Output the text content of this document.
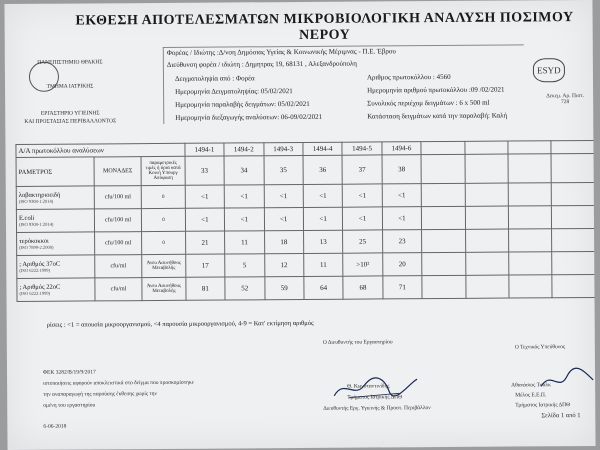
ΕΚΘΕΣΗ ΑΠΟΤΕΛΕΣΜΑΤΩΝ ΜΙΚΡΟΒΙΟΛΟΓΙΚΗ ΑΝΑΛΥΣΗ ΠΟΣΙΜΟΥ ΝΕΡΟΥ
ΠΑΝΕΠΙΣΤΗΜΙΟ ΘΡΑΚΗΣ
ΤΜΗΜΑ ΙΑΤΡΙΚΗΣ
ΕΡΓΑΣΤΗΡΙΟ ΥΓΙΕΙΝΗΣ
ΚΑΙ ΠΡΟΣΤΑΣΙΑΣ ΠΕΡΙΒΑΛΛΟΝΤΟΣ
ESYD
Δεκεμ. Αρ. Πιστ. 728
Φορέας / Ιδιώτης :Δ/νση Δημόσιας Υγείας & Κοινωνικής Μέριμνας - Π.Ε. Έβρου
Διεύθυνση φορέα / ιδιώτη : Δημητρας 19, 68131 , Αλεξανδρούπολη
Δειγματοληψία από : Φορέα	Αριθμος πρωτοκόλλου : 4560
Ημερομηνία Δειγματοληψίας: 05/02/2021	Ημερομηνία αριθμού πρωτοκόλλου :09 /02/2021
Ημερομηνία παραλαβής δειγμάτων: 05/02/2021	Συνολικός περιέχομ δειγμάτων : 6 x 500 ml
Ημερομηνία διεξαγωγής αναλύσεων: 06-09/02/2021	Κατάσταση δειγμάτων κατά την παραλαβή: Καλή
Α/Α πρωτοκόλλου αναλύσεων			1494-1	1494-2	1494-3	1494-4	1494-5	1494-6				
ΡΑΜΕΤΡΟΣ	ΜΟΝΑΔΕΣ	παραμετρικές τιμές ή όρια κατά Κοινή Υπουργ Απόφαση	33	34	35	36	37	38				
λοβακτηριοειδή
(ISO 9308-1:2014)	cfu/100 ml	0	<1	<1	<1	<1	<1	<1				
E.coli
(ISO 9308-1:2014)	cfu/100 ml	0	<1	<1	<1	<1	<1	<1				
τερόκοκκοι
(ISO 7899-2:2000)	cfu/100 ml	0	21	11	18	13	25	23				
; Αριθμός 37oC
(ISO 6222:1999)	cfu/ml	Άνευ Ασυνήθους Μεταβολής	17	5	12	11	>10²	20				
; Αριθμός 22oC
(ISO 6222:1999)	cfu/ml	Άνευ Ασυνήθους Μεταβολής	81	52	59	64	68	71				
ρίσεις : <1 = απουσία μικροοργανισμού, <4 παρουσία μικροοργανισμού, 4-9 = Κατ' εκτίμηση αριθμός
Ο Διευθυντής του Εργαστηρίου
Ο Τεχνικός Υπεύθυνος
ΦΕΚ 3282/Β/19/9/2017
ιστοποιήσεις αφορούν αποκλειστικά στο δείγμα που προσκομίστηκε
την αναπαραγωγή της παρούσης έκθεσης χωρίς την
ομένη του εργαστηρίου
6-06-2018
Θ. Κωνσταντινίδης
Τμήματος Ιατρικής ΔΠΘ
Διευθυντής Εργ. Υγιεινής & Προστ. Περιβάλλον
Αθανάσιος Τσαλκ
Μέλος Ε.Ε.Π.
Τμήματος Ιατρικής ΔΠΘ
Σελίδα 1 από 1
